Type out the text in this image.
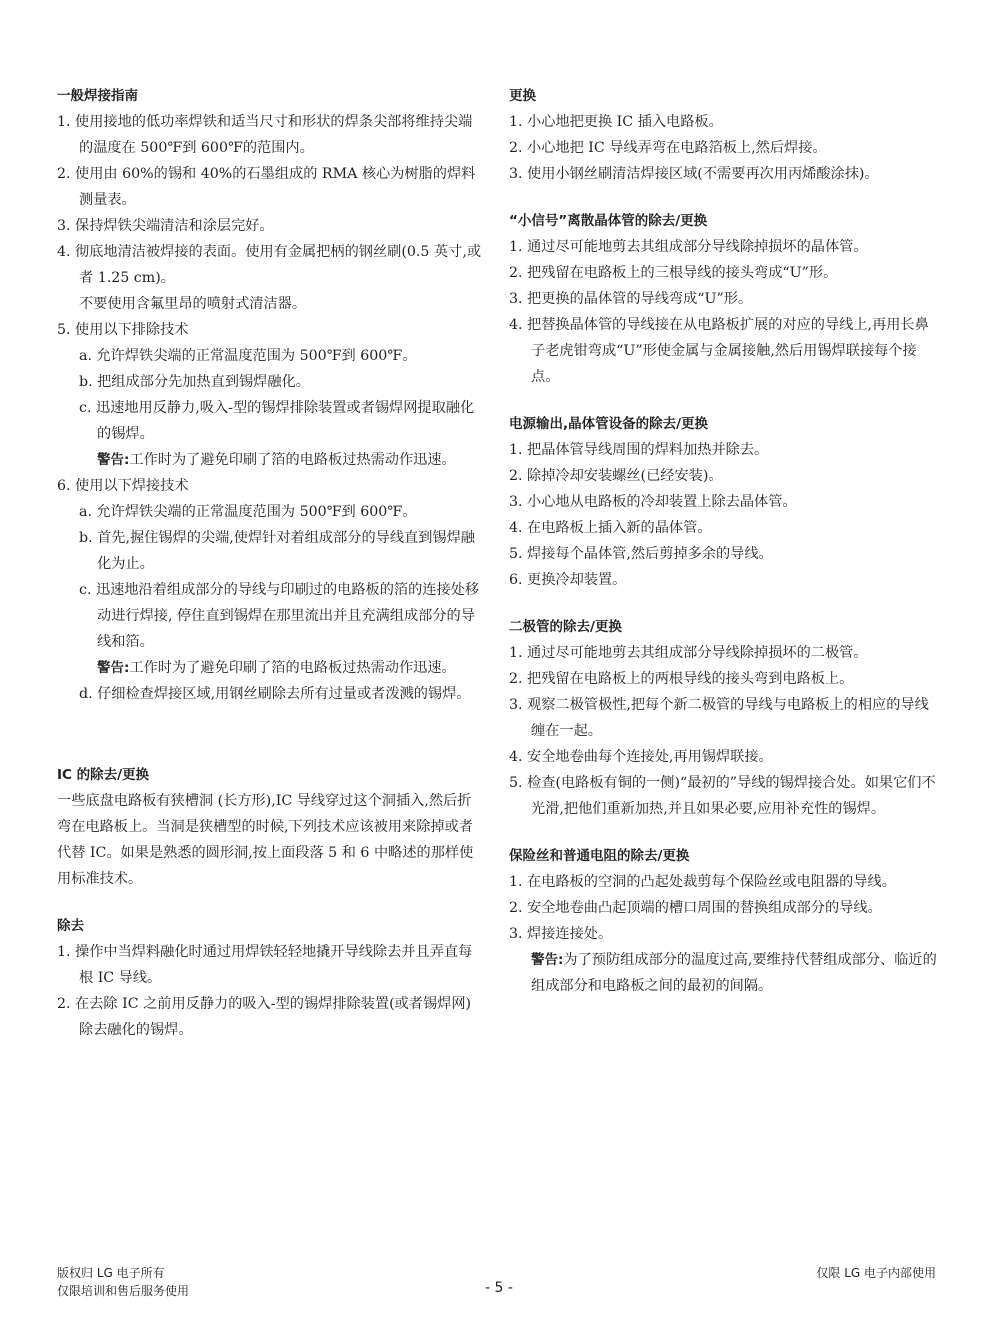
一般焊接指南

1. 使用接地的低功率焊铁和适当尺寸和形状的焊条尖部将维持尖端的温度在 500℉到 600℉的范围内。

2. 使用由 60%的锡和 40%的石墨组成的 RMA 核心为树脂的焊料测量表。

3. 保持焊铁尖端清洁和涂层完好。

4. 彻底地清洁被焊接的表面。使用有金属把柄的钢丝刷(0.5 英寸,或者 1.25 cm)。

不要使用含氟里昂的喷射式清洁器。

5. 使用以下排除技术

a. 允许焊铁尖端的正常温度范围为 500℉到 600℉。

b. 把组成部分先加热直到锡焊融化。

c. 迅速地用反静力,吸入-型的锡焊排除装置或者锡焊网提取融化的锡焊。

警告:工作时为了避免印刷了箔的电路板过热需动作迅速。

6. 使用以下焊接技术

a. 允许焊铁尖端的正常温度范围为 500℉到 600℉。

b. 首先,握住锡焊的尖端,使焊针对着组成部分的导线直到锡焊融化为止。

c. 迅速地沿着组成部分的导线与印刷过的电路板的箔的连接处移动进行焊接, 停住直到锡焊在那里流出并且充满组成部分的导线和箔。

警告:工作时为了避免印刷了箔的电路板过热需动作迅速。

d. 仔细检查焊接区域,用钢丝刷除去所有过量或者泼溅的锡焊。

IC 的除去/更换

一些底盘电路板有狭槽洞 (长方形),IC 导线穿过这个洞插入,然后折弯在电路板上。当洞是狭槽型的时候,下列技术应该被用来除掉或者代替 IC。如果是熟悉的圆形洞,按上面段落 5 和 6 中略述的那样使用标准技术。

除去

1. 操作中当焊料融化时通过用焊铁轻轻地撬开导线除去并且弄直每根 IC 导线。

2. 在去除 IC 之前用反静力的吸入-型的锡焊排除装置(或者锡焊网)除去融化的锡焊。

更换

1. 小心地把更换 IC 插入电路板。

2. 小心地把 IC 导线弄弯在电路箔板上,然后焊接。

3. 使用小钢丝刷清洁焊接区域(不需要再次用丙烯酸涂抹)。

“小信号”离散晶体管的除去/更换

1. 通过尽可能地剪去其组成部分导线除掉损坏的晶体管。

2. 把残留在电路板上的三根导线的接头弯成“U”形。

3. 把更换的晶体管的导线弯成“U”形。

4. 把替换晶体管的导线接在从电路板扩展的对应的导线上,再用长鼻子老虎钳弯成“U”形使金属与金属接触,然后用锡焊联接每个接点。

电源输出,晶体管设备的除去/更换

1. 把晶体管导线周围的焊料加热并除去。

2. 除掉冷却安装螺丝(已经安装)。

3. 小心地从电路板的冷却装置上除去晶体管。

4. 在电路板上插入新的晶体管。

5. 焊接每个晶体管,然后剪掉多余的导线。

6. 更换冷却装置。

二极管的除去/更换

1. 通过尽可能地剪去其组成部分导线除掉损坏的二极管。

2. 把残留在电路板上的两根导线的接头弯到电路板上。

3. 观察二极管极性,把每个新二极管的导线与电路板上的相应的导线缠在一起。

4. 安全地卷曲每个连接处,再用锡焊联接。

5. 检查(电路板有铜的一侧)“最初的”导线的锡焊接合处。如果它们不光滑,把他们重新加热,并且如果必要,应用补充性的锡焊。

保险丝和普通电阻的除去/更换

1. 在电路板的空洞的凸起处裁剪每个保险丝或电阻器的导线。

2. 安全地卷曲凸起顶端的槽口周围的替换组成部分的导线。

3. 焊接连接处。

警告:为了预防组成部分的温度过高,要维持代替组成部分、临近的组成部分和电路板之间的最初的间隔。

版权归 LG 电子所有
仅限培训和售后服务使用	- 5 -
仅限 LG 电子内部使用
